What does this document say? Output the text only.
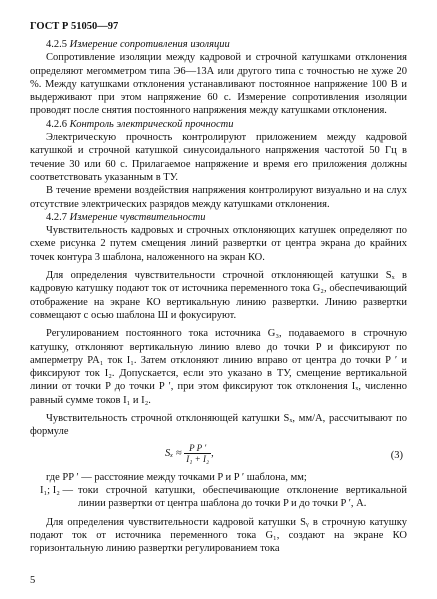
ГОСТ Р 51050—97

4.2.5 Измерение сопротивления изоляции

Сопротивление изоляции между кадровой и строчной катушками отклонения определяют мегомметром типа Э6—13А или другого типа с точностью не хуже 20 %. Между катушками отклонения устанавливают постоянное напряжение 100 В и выдерживают при этом напряжение 60 с. Измерение сопротивления изоляции проводят после снятия постоянного напряжения между катушками отклонения.

4.2.6 Контроль электрической прочности

Электрическую прочность контролируют приложением между кадровой катушкой и строчной катушкой синусоидального напряжения частотой 50 Гц в течение 30 или 60 с. Прилагаемое напряжение и время его приложения должны соответствовать указанным в ТУ.

В течение времени воздействия напряжения контролируют визуально и на слух отсутствие электрических разрядов между катушками отклонения.

4.2.7 Измерение чувствительности

Чувствительность кадровых и строчных отклоняющих катушек определяют по схеме рисунка 2 путем смещения линий развертки от центра экрана до крайних точек контура 3 шаблона, наложенного на экран КО.

Для определения чувствительности строчной отклоняющей катушки Sₓ в кадровую катушку подают ток от источника переменного тока G₂, обеспечивающий отображение на экране КО вертикальную линию развертки. Линию развертки совмещают с осью шаблона Ш и фокусируют.

Регулированием постоянного тока источника G₃, подаваемого в строчную катушку, отклоняют вертикальную линию влево до точки P и фиксируют по амперметру PA₁ ток I₁. Затем отклоняют линию вправо от центра до точки P ′ и фиксируют ток I₂. Допускается, если это указано в ТУ, смещение вертикальной линии от точки P до точки P ′, при этом фиксируют ток отклонения Iₓ, численно равный сумме токов I₁ и I₂.

Чувствительность строчной отклоняющей катушки Sₓ, мм/А, рассчитывают по формуле

$S_x \approx \frac{\text{P P ′}}{\text{I₁ + I₂}}$ ,	(3)

где PP ′ — расстояние между точками P и P ′ шаблона, мм;

I₁; I₂ — токи строчной катушки, обеспечивающие отклонение вертикальной линии развертки от центра шаблона до точки P и до точки P ′, А.

Для определения чувствительности кадровой катушки Sᵧ в строчную катушку подают ток от источника переменного тока G₁, создают на экране КО горизонтальную линию развертки регулированием тока

5
